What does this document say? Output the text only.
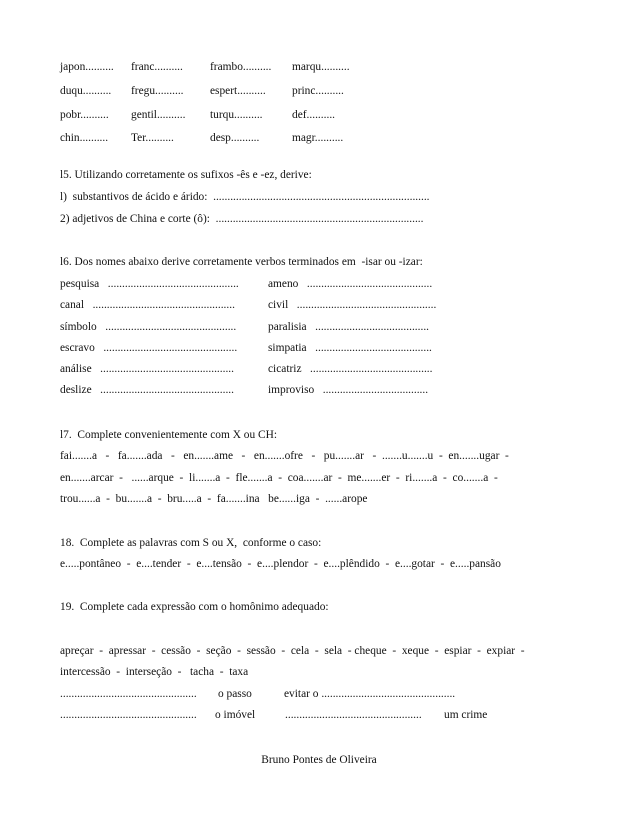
japon.......... franc.......... frambo.......... marqu..........
duqu.......... fregu.......... espert.......... princ..........
pobr.......... gentil.......... turqu..........	def..........
chin.......... Ter..........	desp..........	magr..........
l5. Utilizando corretamente os sufixos -ês e -ez, derive:
l)  substantivos de ácido e árido:  ............................................................................
2) adjetivos de China e corte (ô):  .........................................................................
l6. Dos nomes abaixo derive corretamente verbos terminados em  -isar ou -izar:
pesquisa   ..............................................	ameno   ............................................
canal   ..................................................	civil   .................................................
símbolo   ..............................................	paralisia   ........................................
escravo   ...............................................	simpatia   .........................................
análise   ...............................................	cicatriz   ...........................................
deslize   ...............................................	improviso   .....................................
l7.  Complete convenientemente com X ou CH:
fai.......a   -   fa.......ada   -   en.......ame   -   en.......ofre   -   pu.......ar   -  .......u.......u  -  en.......ugar  -
en.......arcar  -   ......arque  -  li.......a  -  fle.......a  -  coa.......ar  -  me.......er  -  ri.......a  -  co.......a  -
trou......a  -  bu.......a  -  bru.....a  -  fa.......ina   be......iga  -  ......arope
18.  Complete as palavras com S ou X,  conforme o caso:
e.....pontâneo  -  e....tender  -  e....tensão  -  e....plendor  -  e....plêndido  -  e....gotar  -  e.....pansão
19.  Complete cada expressão com o homônimo adequado:
apreçar  -  apressar  -  cessão  -  seção  -  sessão  -  cela  -  sela  - cheque  -  xeque  -  espiar  -  expiar  -
intercessão  -  interseção  -   tacha  -  taxa
................................................ o passo	evitar o ...............................................
................................................ o imóvel	................................................ um crime
Bruno Pontes de Oliveira
